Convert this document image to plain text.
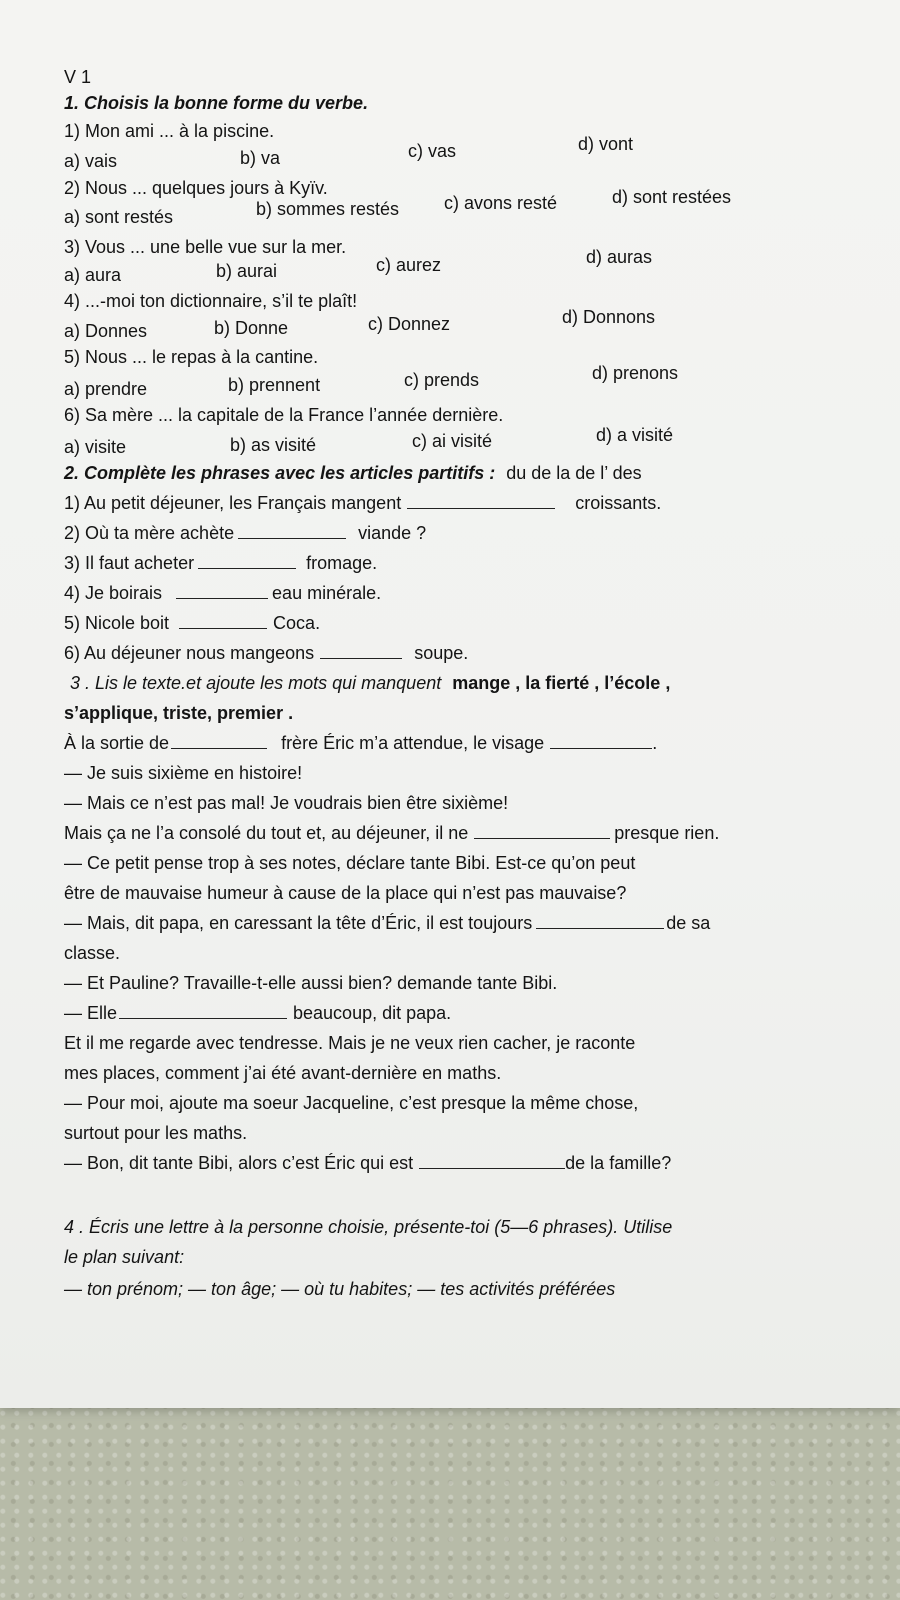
V 1
1. Choisis la bonne forme du verbe.
1) Mon ami ... à la piscine.
a) vais	b) va	c) vas	d) vont
2) Nous ... quelques jours à Kyïv.
a) sont restés	b) sommes restés c) avons resté	d) sont restées
3) Vous ... une belle vue sur la mer.
a) aura	b) aurai	c) aurez	d) auras
4) ...-moi ton dictionnaire, s’il te plaît!
a) Donnes	b) Donne	c) Donnez	d) Donnons
5) Nous ... le repas à la cantine.
a) prendre	b) prennent	c) prends	d) prenons
6) Sa mère ... la capitale de la France l’année dernière.
a) visite	b) as visité	c) ai visité	d) a visité
2. Complète les phrases avec les articles partitifs : du de la de l’ des
1) Au petit déjeuner, les Français mangent	croissants.
2) Où ta mère achète	viande ?
3) Il faut acheter	fromage.
4) Je boirais	eau minérale.
5) Nicole boit	Coca.
6) Au déjeuner nous mangeons	soupe.
3 . Lis le texte.et ajoute les mots qui manquent mange , la fierté , l’école ,
s’applique, triste, premier .
À la sortie de	frère Éric m’a attendue, le visage	.
— Je suis sixième en histoire!
— Mais ce n’est pas mal! Je voudrais bien être sixième!
Mais ça ne l’a consolé du tout et, au déjeuner, il ne	presque rien.
— Ce petit pense trop à ses notes, déclare tante Bibi. Est-ce qu’on peut
être de mauvaise humeur à cause de la place qui n’est pas mauvaise?
— Mais, dit papa, en caressant la tête d’Éric, il est toujours	de sa
classe.
— Et Pauline? Travaille-t-elle aussi bien? demande tante Bibi.
— Elle	beaucoup, dit papa.
Et il me regarde avec tendresse. Mais je ne veux rien cacher, je raconte
mes places, comment j’ai été avant-dernière en maths.
— Pour moi, ajoute ma soeur Jacqueline, c’est presque la même chose,
surtout pour les maths.
— Bon, dit tante Bibi, alors c’est Éric qui est	de la famille?
4 . Écris une lettre à la personne choisie, présente-toi (5—6 phrases). Utilise
le plan suivant:
— ton prénom; — ton âge; — où tu habites; — tes activités préférées
